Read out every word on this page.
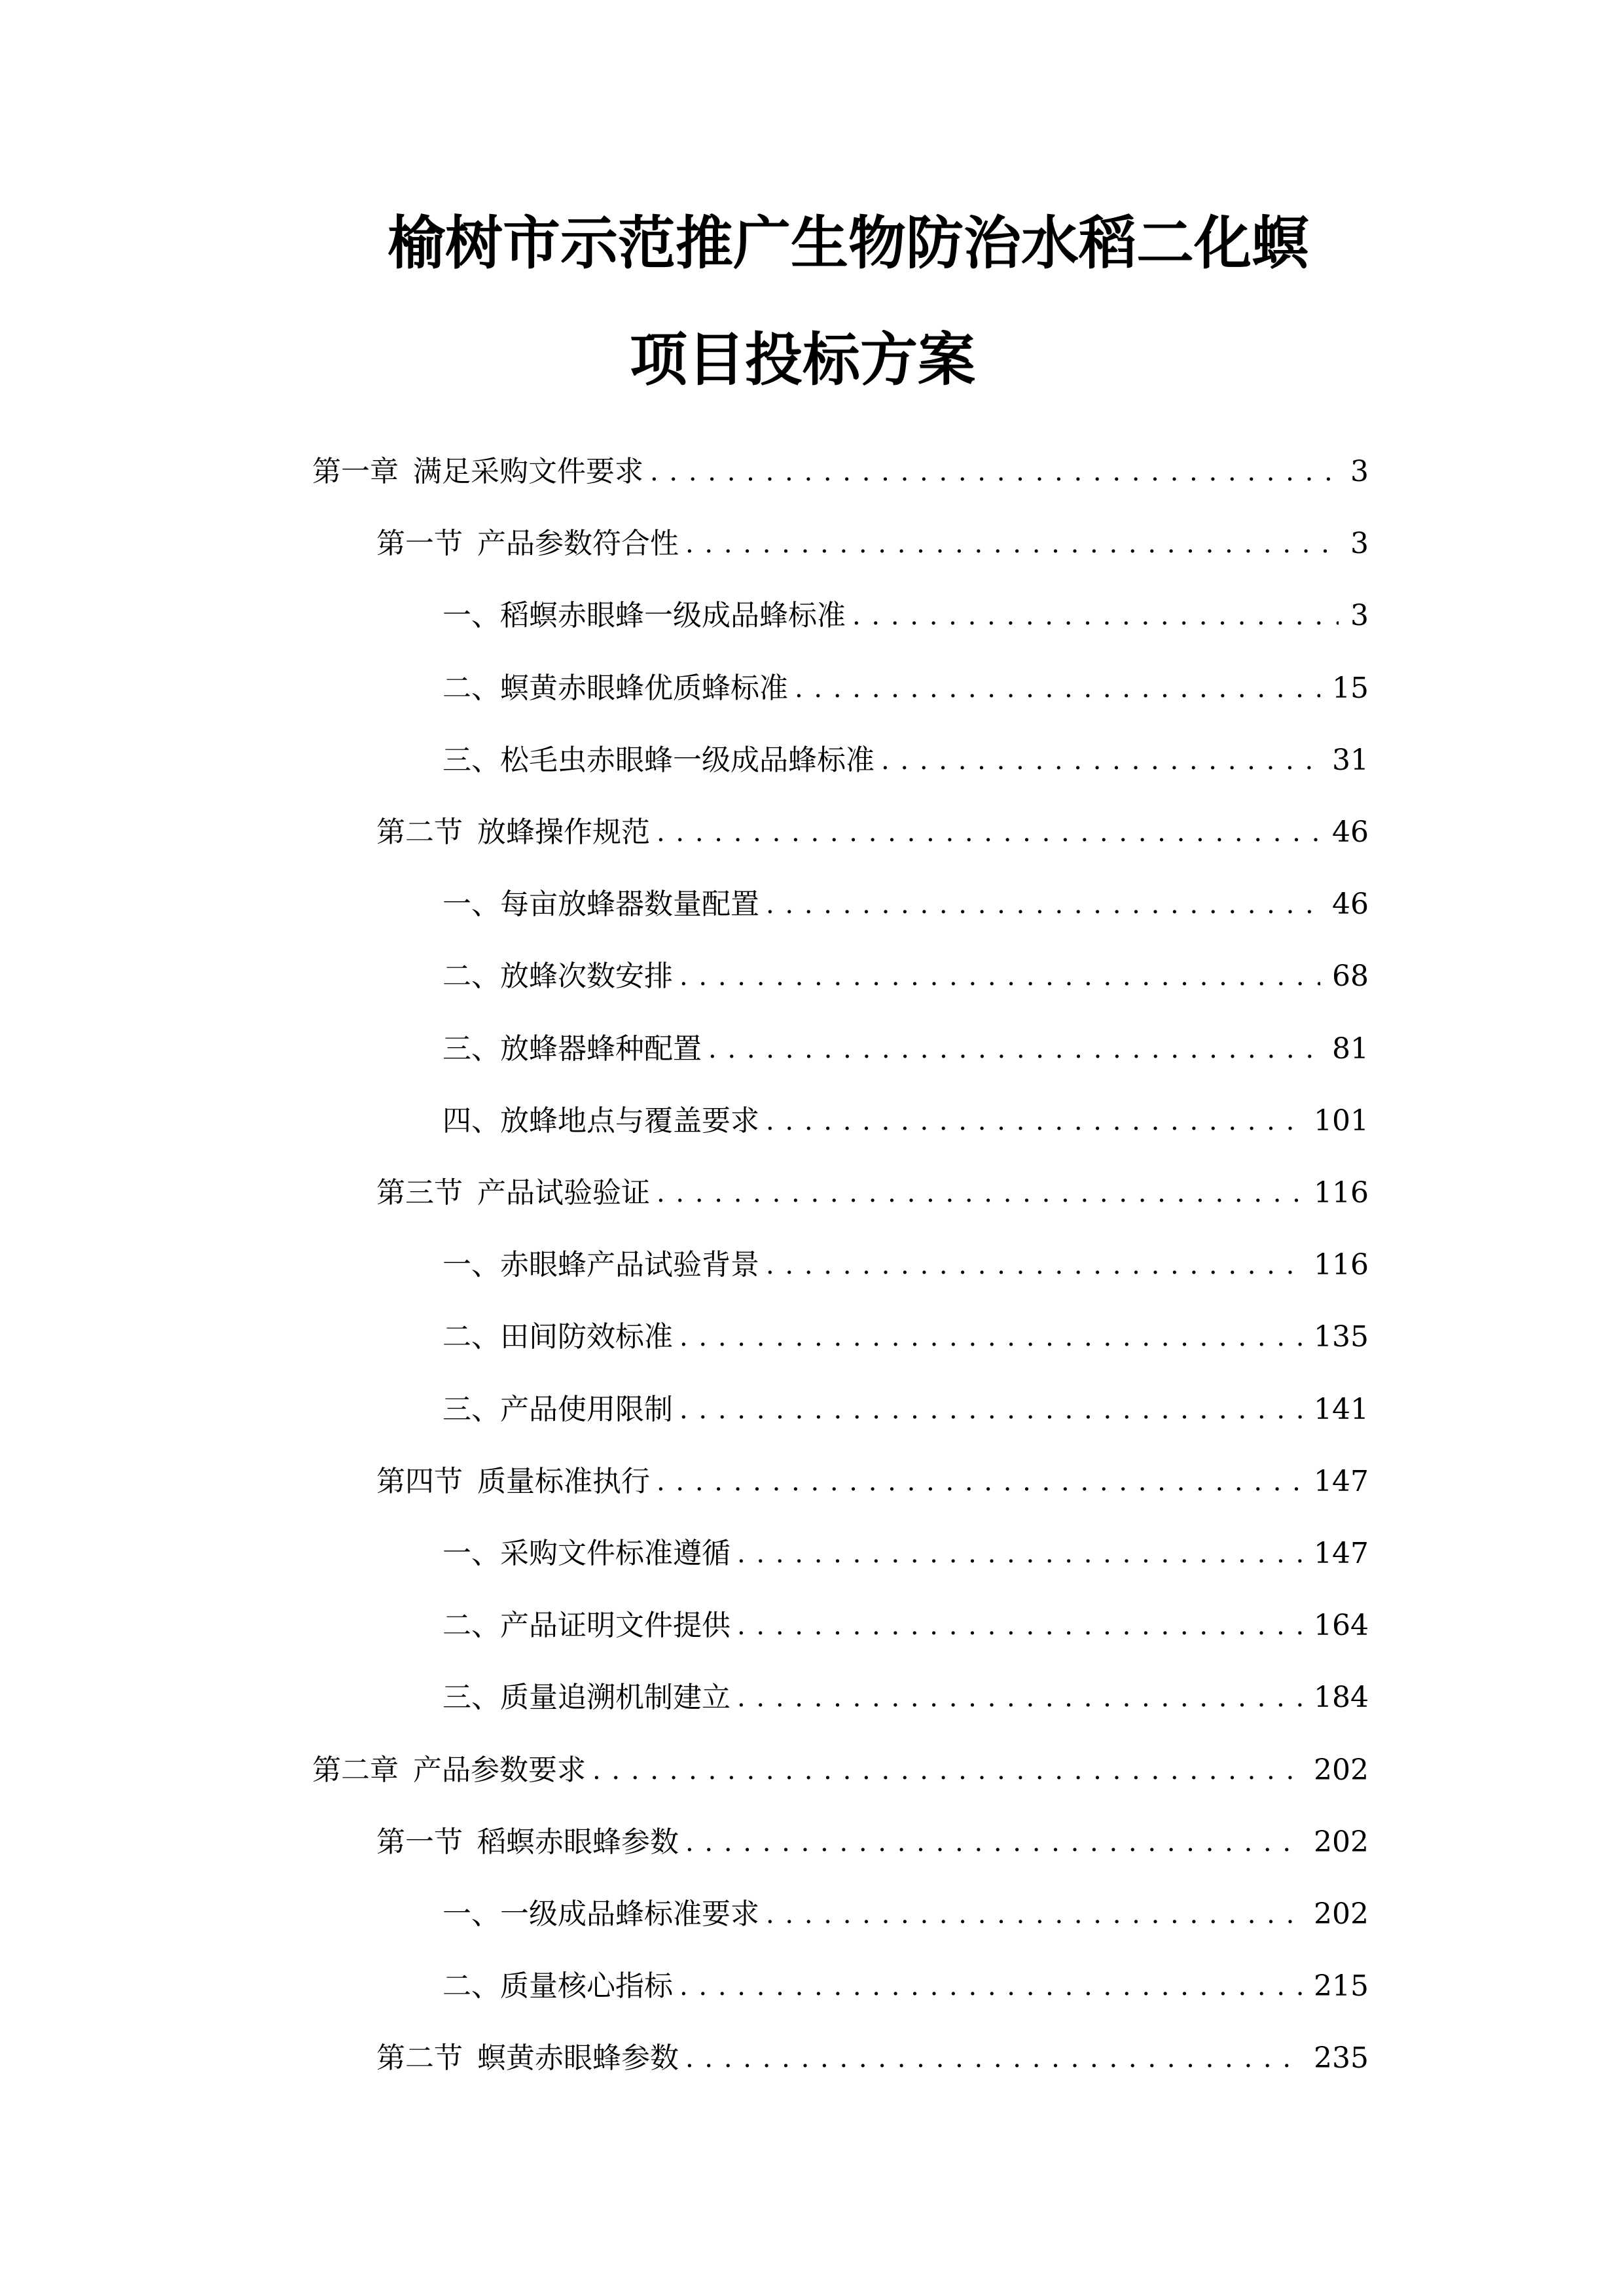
榆树市示范推广生物防治水稻二化螟
项目投标方案
第一章 满足采购文件要求 . . .	3
第一节 产品参数符合性 . . .	3
一、 稻螟赤眼蜂一级成品蜂标准 . . .	3
二、 螟黄赤眼蜂优质蜂标准 . . .	15
三、 松毛虫赤眼蜂一级成品蜂标准 . . .	31
第二节 放蜂操作规范 . . .	46
一、 每亩放蜂器数量配置 . . .	46
二、 放蜂次数安排 . . .	68
三、 放蜂器蜂种配置 . . .	81
四、 放蜂地点与覆盖要求 . . .	101
第三节 产品试验验证 . . .	116
一、 赤眼蜂产品试验背景 . . .	116
二、 田间防效标准 . . .	135
三、 产品使用限制 . . .	141
第四节 质量标准执行 . . .	147
一、 采购文件标准遵循 . . .	147
二、 产品证明文件提供 . . .	164
三、 质量追溯机制建立 . . .	184
第二章 产品参数要求 . . .	202
第一节 稻螟赤眼蜂参数 . . .	202
一、 一级成品蜂标准要求 . . .	202
二、 质量核心指标 . . .	215
第二节 螟黄赤眼蜂参数 . . .	235
